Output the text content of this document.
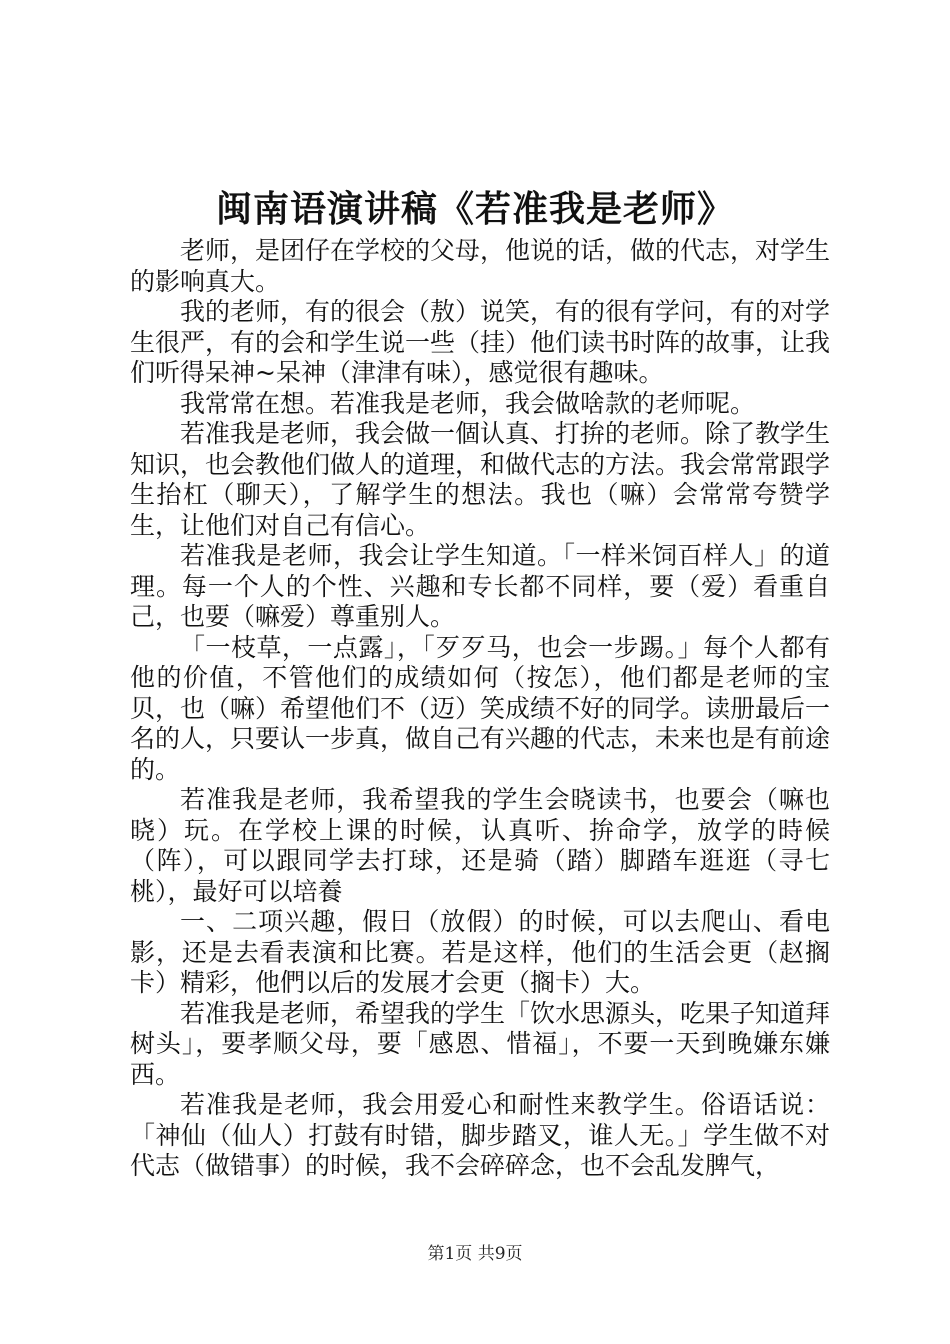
闽南语演讲稿《若准我是老师》

老师，是团仔在学校的父母，他说的话，做的代志，对学生的影响真大。

我的老师，有的很会（敖）说笑，有的很有学问，有的对学生很严，有的会和学生说一些（挂）他们读书时阵的故事，让我们听得呆神~呆神（津津有味），感觉很有趣味。

我常常在想。若准我是老师，我会做啥款的老师呢。

若准我是老师，我会做一個认真、打拚的老师。除了教学生知识，也会教他们做人的道理，和做代志的方法。我会常常跟学生抬杠（聊天），了解学生的想法。我也（嘛）会常常夸赞学生，让他们对自己有信心。

若准我是老师，我会让学生知道。「一样米饲百样人」的道理。每一个人的个性、兴趣和专长都不同样，要（爱）看重自己，也要（嘛爱）尊重别人。

「一枝草，一点露」，「歹歹马，也会一步踢。」每个人都有他的价值，不管他们的成绩如何（按怎），他们都是老师的宝贝，也（嘛）希望他们不（迈）笑成绩不好的同学。读册最后一名的人，只要认一步真，做自己有兴趣的代志，未来也是有前途的。

若准我是老师，我希望我的学生会晓读书，也要会（嘛也晓）玩。在学校上课的时候，认真听、拚命学，放学的時候（阵），可以跟同学去打球，还是骑（踏）脚踏车逛逛（寻七桃），最好可以培養

一、二项兴趣，假日（放假）的时候，可以去爬山、看电影，还是去看表演和比赛。若是这样，他们的生活会更（赵搁卡）精彩，他們以后的发展才会更（搁卡）大。

若准我是老师，希望我的学生「饮水思源头，吃果子知道拜树头」，要孝顺父母，要「感恩、惜福」，不要一天到晚嫌东嫌西。

若准我是老师，我会用爱心和耐性来教学生。俗语话说：「神仙（仙人）打鼓有时错，脚步踏叉，谁人无。」学生做不对代志（做错事）的时候，我不会碎碎念，也不会乱发脾气，

第1页 共9页
